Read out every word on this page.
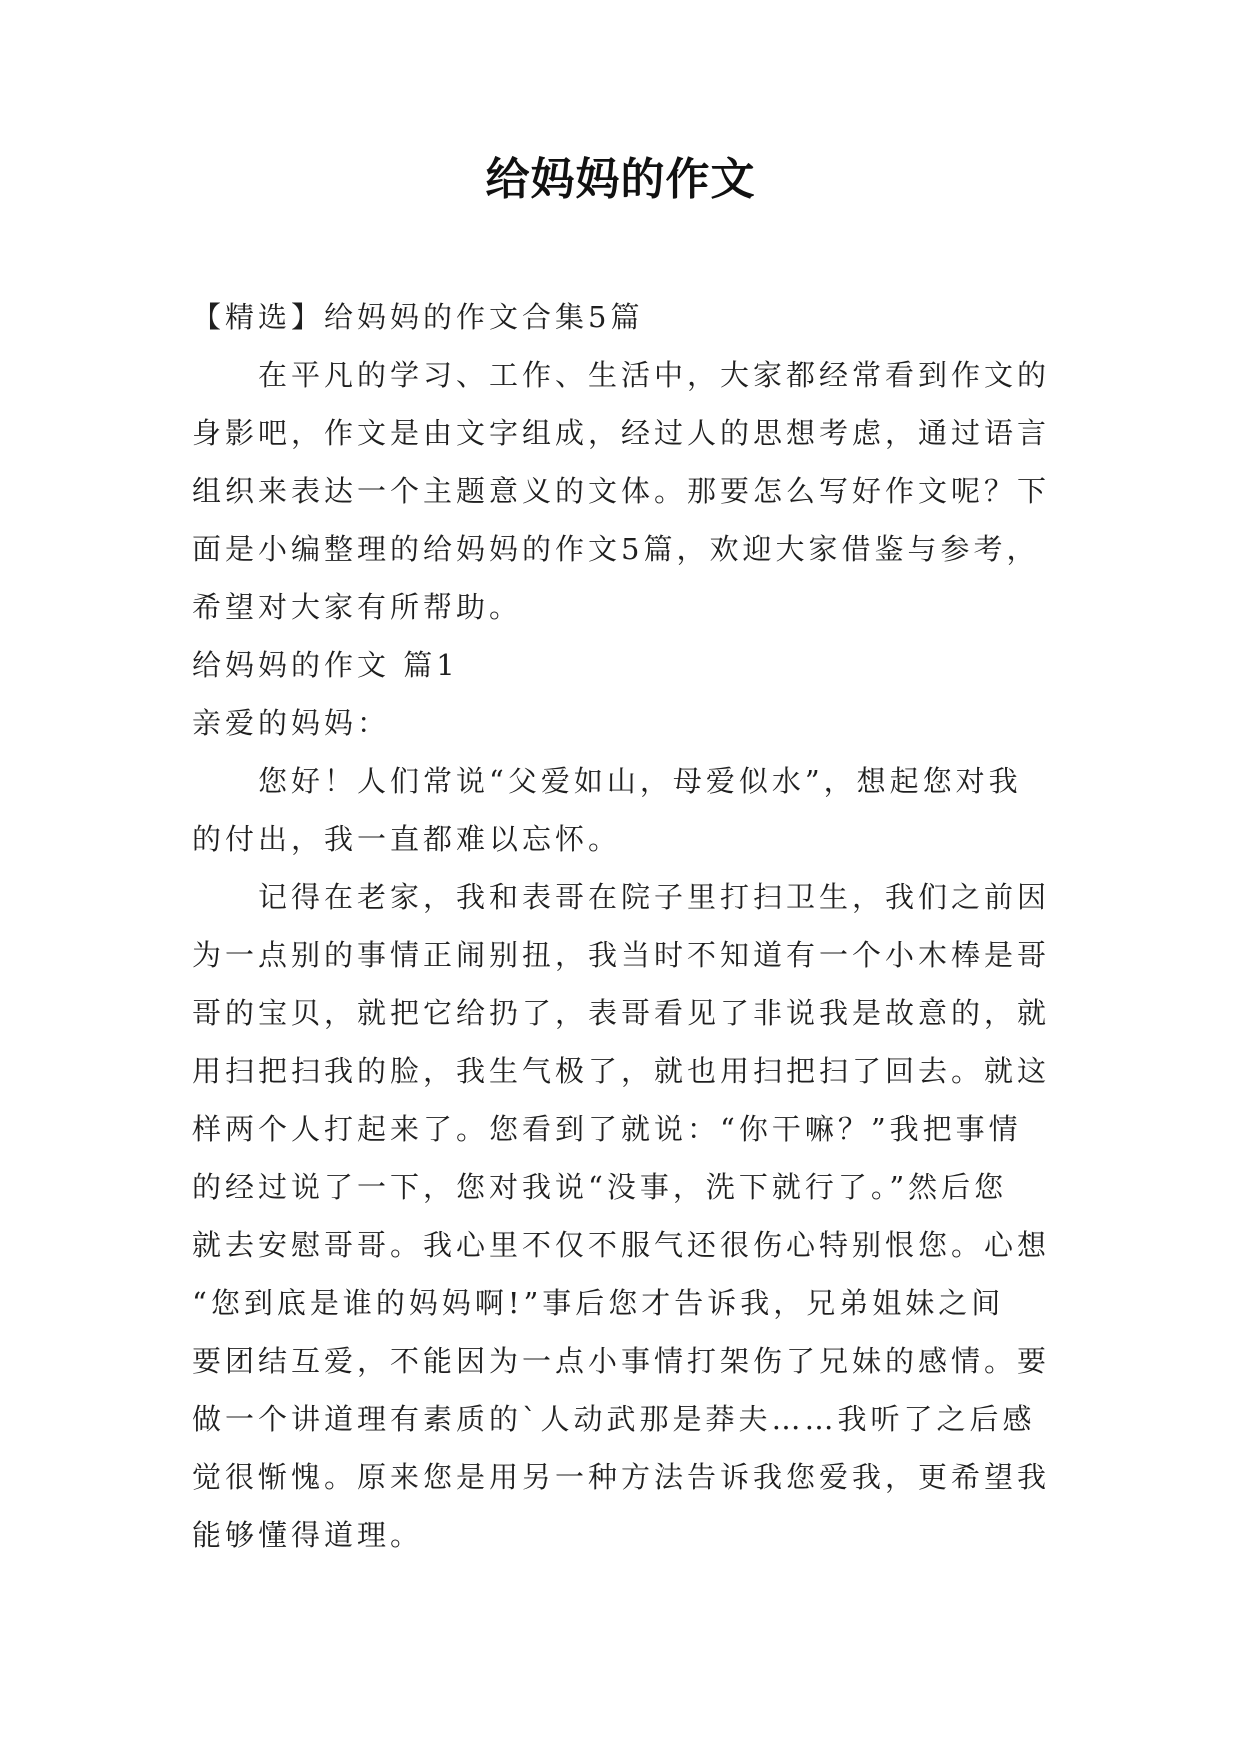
给妈妈的作文

【精选】给妈妈的作文合集5篇

在平凡的学习、工作、生活中，大家都经常看到作文的

身影吧，作文是由文字组成，经过人的思想考虑，通过语言

组织来表达一个主题意义的文体。那要怎么写好作文呢？下

面是小编整理的给妈妈的作文5篇，欢迎大家借鉴与参考，

希望对大家有所帮助。

给妈妈的作文 篇1

亲爱的妈妈：

您好！人们常说“父爱如山，母爱似水”，想起您对我

的付出，我一直都难以忘怀。

记得在老家，我和表哥在院子里打扫卫生，我们之前因

为一点别的事情正闹别扭，我当时不知道有一个小木棒是哥

哥的宝贝，就把它给扔了，表哥看见了非说我是故意的，就

用扫把扫我的脸，我生气极了，就也用扫把扫了回去。就这

样两个人打起来了。您看到了就说：“你干嘛？”我把事情

的经过说了一下，您对我说“没事，洗下就行了。”然后您

就去安慰哥哥。我心里不仅不服气还很伤心特别恨您。心想

“您到底是谁的妈妈啊!”事后您才告诉我，兄弟姐妹之间

要团结互爱，不能因为一点小事情打架伤了兄妹的感情。要

做一个讲道理有素质的`人动武那是莽夫……我听了之后感

觉很惭愧。原来您是用另一种方法告诉我您爱我，更希望我

能够懂得道理。
